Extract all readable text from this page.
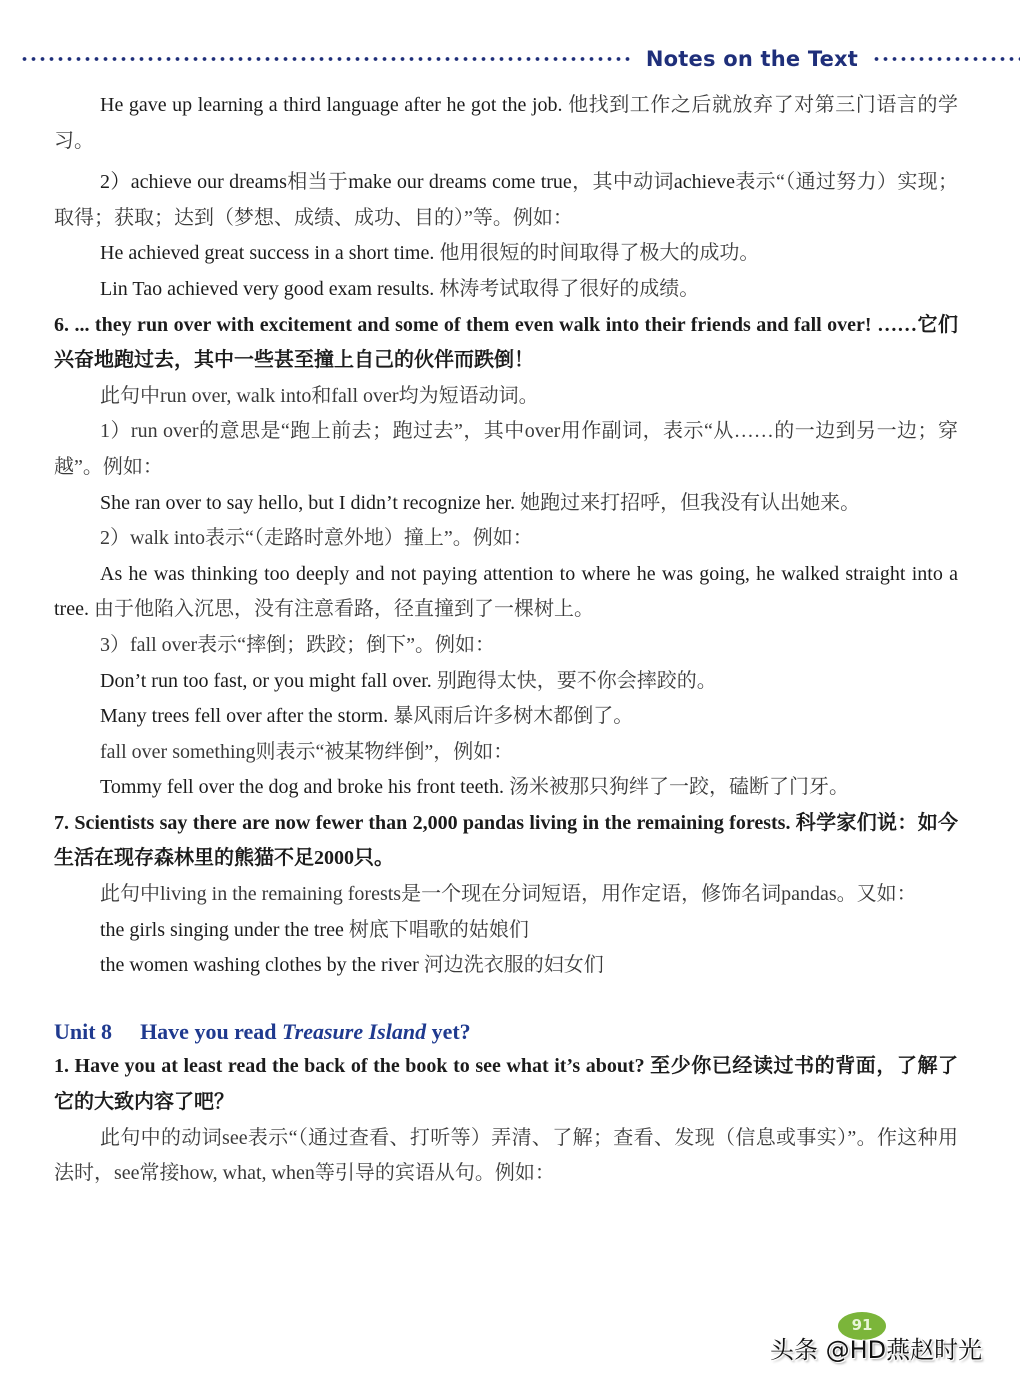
Notes on the Text

He gave up learning a third language after he got the job. 他找到工作之后就放弃了对第三门语言的学习。

2）achieve our dreams相当于make our dreams come true，其中动词achieve表示“（通过努力）实现；取得；获取；达到（梦想、成绩、成功、目的）”等。例如：

He achieved great success in a short time. 他用很短的时间取得了极大的成功。

Lin Tao achieved very good exam results. 林涛考试取得了很好的成绩。

6. ... they run over with excitement and some of them even walk into their friends and fall over! ……它们兴奋地跑过去，其中一些甚至撞上自己的伙伴而跌倒！

此句中run over, walk into和fall over均为短语动词。

1）run over的意思是“跑上前去；跑过去”，其中over用作副词，表示“从……的一边到另一边；穿越”。例如：

She ran over to say hello, but I didn’t recognize her. 她跑过来打招呼，但我没有认出她来。

2）walk into表示“（走路时意外地）撞上”。例如：

As he was thinking too deeply and not paying attention to where he was going, he walked straight into a tree. 由于他陷入沉思，没有注意看路，径直撞到了一棵树上。

3）fall over表示“摔倒；跌跤；倒下”。例如：

Don’t run too fast, or you might fall over. 别跑得太快，要不你会摔跤的。

Many trees fell over after the storm. 暴风雨后许多树木都倒了。

fall over something则表示“被某物绊倒”，例如：

Tommy fell over the dog and broke his front teeth. 汤米被那只狗绊了一跤，磕断了门牙。

7. Scientists say there are now fewer than 2,000 pandas living in the remaining forests. 科学家们说：如今生活在现存森林里的熊猫不足2000只。

此句中living in the remaining forests是一个现在分词短语，用作定语，修饰名词pandas。又如：

the girls singing under the tree 树底下唱歌的姑娘们

the women washing clothes by the river 河边洗衣服的妇女们

Unit 8 Have you read Treasure Island yet?

1. Have you at least read the back of the book to see what it’s about? 至少你已经读过书的背面，了解了它的大致内容了吧？

此句中的动词see表示“（通过查看、打听等）弄清、了解；查看、发现（信息或事实）”。作这种用法时，see常接how, what, when等引导的宾语从句。例如：

91
头条 @HD燕赵时光
